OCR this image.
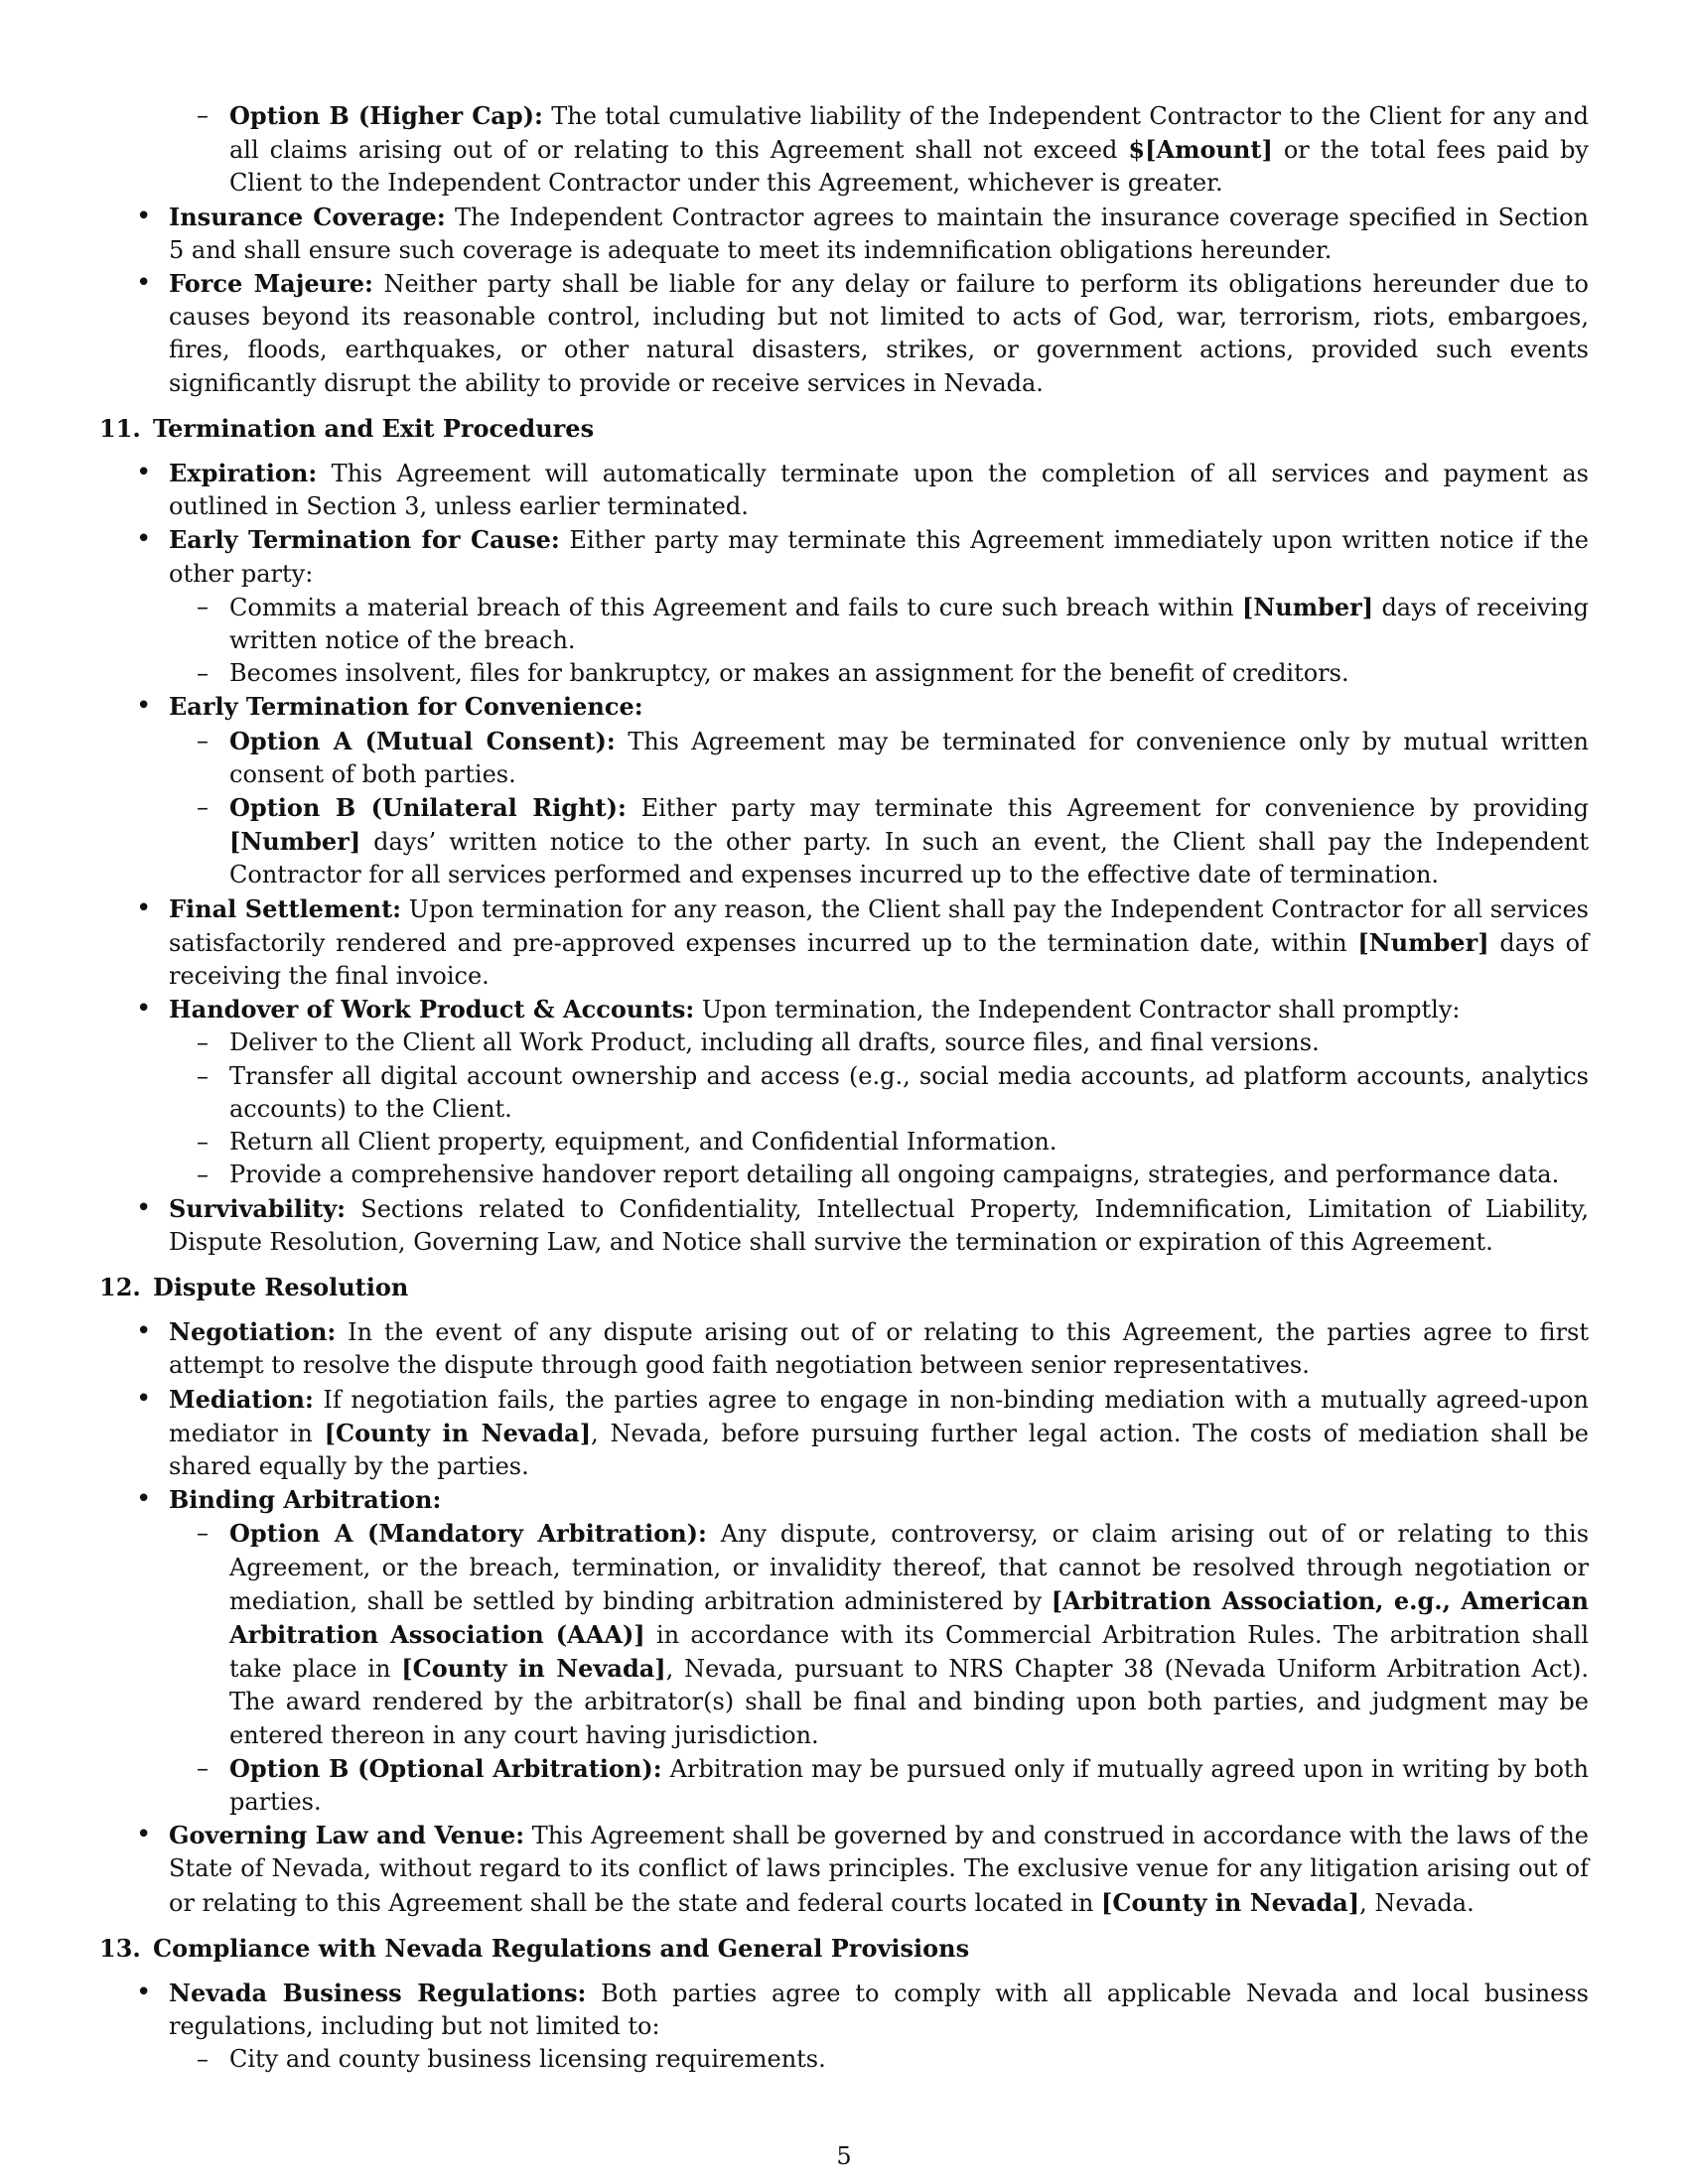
– Option B (Higher Cap): The total cumulative liability of the Independent Contractor to the Client for any and all claims arising out of or relating to this Agreement shall not exceed $[Amount] or the total fees paid by Client to the Independent Contractor under this Agreement, whichever is greater.

• Insurance Coverage: The Independent Contractor agrees to maintain the insurance coverage specified in Section 5 and shall ensure such coverage is adequate to meet its indemnification obligations hereunder.

• Force Majeure: Neither party shall be liable for any delay or failure to perform its obligations hereunder due to causes beyond its reasonable control, including but not limited to acts of God, war, terrorism, riots, embargoes, fires, floods, earthquakes, or other natural disasters, strikes, or government actions, provided such events significantly disrupt the ability to provide or receive services in Nevada.

11. Termination and Exit Procedures

• Expiration: This Agreement will automatically terminate upon the completion of all services and payment as outlined in Section 3, unless earlier terminated.

• Early Termination for Cause: Either party may terminate this Agreement immediately upon written notice if the other party:

– Commits a material breach of this Agreement and fails to cure such breach within [Number] days of receiving written notice of the breach.

– Becomes insolvent, files for bankruptcy, or makes an assignment for the benefit of creditors.

• Early Termination for Convenience:

– Option A (Mutual Consent): This Agreement may be terminated for convenience only by mutual written consent of both parties.

– Option B (Unilateral Right): Either party may terminate this Agreement for convenience by providing [Number] days’ written notice to the other party. In such an event, the Client shall pay the Independent Contractor for all services performed and expenses incurred up to the effective date of termination.

• Final Settlement: Upon termination for any reason, the Client shall pay the Independent Contractor for all services satisfactorily rendered and pre-approved expenses incurred up to the termination date, within [Number] days of receiving the final invoice.

• Handover of Work Product & Accounts: Upon termination, the Independent Contractor shall promptly:

– Deliver to the Client all Work Product, including all drafts, source files, and final versions.

– Transfer all digital account ownership and access (e.g., social media accounts, ad platform accounts, analytics accounts) to the Client.

– Return all Client property, equipment, and Confidential Information.

– Provide a comprehensive handover report detailing all ongoing campaigns, strategies, and performance data.

• Survivability: Sections related to Confidentiality, Intellectual Property, Indemnification, Limitation of Liability, Dispute Resolution, Governing Law, and Notice shall survive the termination or expiration of this Agreement.

12. Dispute Resolution

• Negotiation: In the event of any dispute arising out of or relating to this Agreement, the parties agree to first attempt to resolve the dispute through good faith negotiation between senior representatives.

• Mediation: If negotiation fails, the parties agree to engage in non-binding mediation with a mutually agreed-upon mediator in [County in Nevada], Nevada, before pursuing further legal action. The costs of mediation shall be shared equally by the parties.

• Binding Arbitration:

– Option A (Mandatory Arbitration): Any dispute, controversy, or claim arising out of or relating to this Agreement, or the breach, termination, or invalidity thereof, that cannot be resolved through negotiation or mediation, shall be settled by binding arbitration administered by [Arbitration Association, e.g., American Arbitration Association (AAA)] in accordance with its Commercial Arbitration Rules. The arbitration shall take place in [County in Nevada], Nevada, pursuant to NRS Chapter 38 (Nevada Uniform Arbitration Act). The award rendered by the arbitrator(s) shall be final and binding upon both parties, and judgment may be entered thereon in any court having jurisdiction.

– Option B (Optional Arbitration): Arbitration may be pursued only if mutually agreed upon in writing by both parties.

• Governing Law and Venue: This Agreement shall be governed by and construed in accordance with the laws of the State of Nevada, without regard to its conflict of laws principles. The exclusive venue for any litigation arising out of or relating to this Agreement shall be the state and federal courts located in [County in Nevada], Nevada.

13. Compliance with Nevada Regulations and General Provisions

• Nevada Business Regulations: Both parties agree to comply with all applicable Nevada and local business regulations, including but not limited to:

– City and county business licensing requirements.

5
